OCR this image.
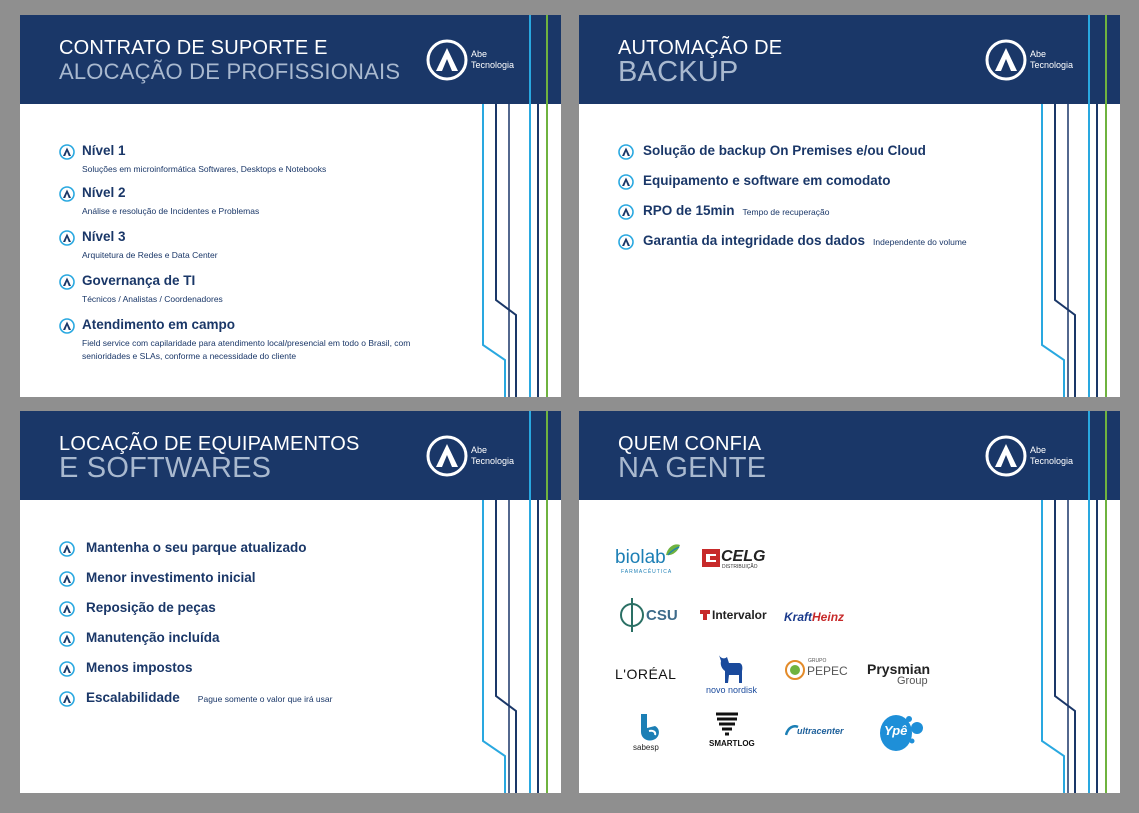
CONTRATO DE SUPORTE E
ALOCAÇÃO DE PROFISSIONAIS
Abe
Tecnologia
Nível 1
Soluções em microinformática Softwares, Desktops e Notebooks
Nível 2
Análise e resolução de Incidentes e Problemas
Nível 3
Arquitetura de Redes e Data Center
Governança de TI
Técnicos / Analistas / Coordenadores
Atendimento em campo
Field service com capilaridade para atendimento local/presencial em todo o Brasil, com senioridades e SLAs, conforme a necessidade do cliente
AUTOMAÇÃO DE
BACKUP
Abe
Tecnologia
Solução de backup On Premises e/ou Cloud
Equipamento e software em comodato
RPO de 15min Tempo de recuperação
Garantia da integridade dos dados Independente do volume
LOCAÇÃO DE EQUIPAMENTOS
E SOFTWARES
Abe
Tecnologia
Mantenha o seu parque atualizado
Menor investimento inicial
Reposição de peças
Manutenção incluída
Menos impostos
Escalabilidade Pague somente o valor que irá usar
QUEM CONFIA
NA GENTE
Abe
Tecnologia
biolab
FARMACÊUTICA
CELG
DISTRIBUIÇÃO
CSU	Intervalor KraftHeinz
L'ORÉAL
novo nordisk
GRUPO
PEPEC Prysmian
Group
sabesp	SMARTLOG
ultracenter	Ypê
